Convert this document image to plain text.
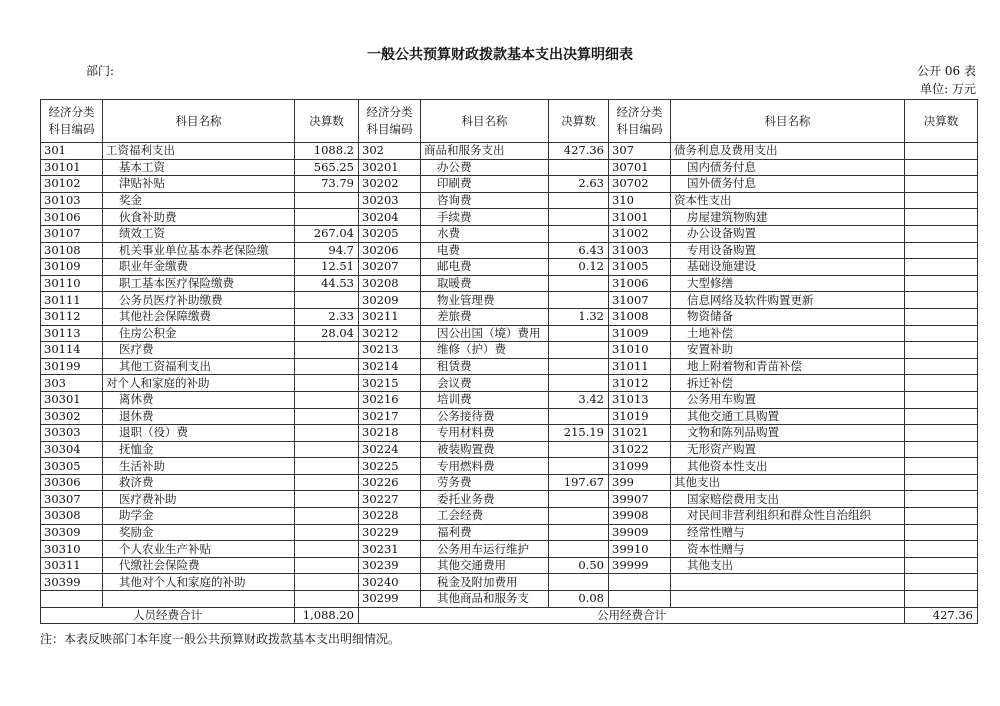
一般公共预算财政拨款基本支出决算明细表
部门:	公开 06 表
单位: 万元
经济分类科目编码	科目名称	决算数	经济分类科目编码	科目名称	决算数	经济分类科目编码	科目名称	决算数
301	工资福利支出	1088.2	302	商品和服务支出	427.36	307	债务利息及费用支出	
30101	基本工资	565.25	30201	办公费		30701	国内债务付息	
30102	津贴补贴	73.79	30202	印刷费	2.63	30702	国外债务付息	
30103	奖金		30203	咨询费		310	资本性支出	
30106	伙食补助费		30204	手续费		31001	房屋建筑物购建	
30107	绩效工资	267.04	30205	水费		31002	办公设备购置	
30108	机关事业单位基本养老保险缴	94.7	30206	电费	6.43	31003	专用设备购置	
30109	职业年金缴费	12.51	30207	邮电费	0.12	31005	基础设施建设	
30110	职工基本医疗保险缴费	44.53	30208	取暖费		31006	大型修缮	
30111	公务员医疗补助缴费		30209	物业管理费		31007	信息网络及软件购置更新	
30112	其他社会保障缴费	2.33	30211	差旅费	1.32	31008	物资储备	
30113	住房公积金	28.04	30212	因公出国（境）费用		31009	土地补偿	
30114	医疗费		30213	维修（护）费		31010	安置补助	
30199	其他工资福利支出		30214	租赁费		31011	地上附着物和青苗补偿	
303	对个人和家庭的补助		30215	会议费		31012	拆迁补偿	
30301	离休费		30216	培训费	3.42	31013	公务用车购置	
30302	退休费		30217	公务接待费		31019	其他交通工具购置	
30303	退职（役）费		30218	专用材料费	215.19	31021	文物和陈列品购置	
30304	抚恤金		30224	被装购置费		31022	无形资产购置	
30305	生活补助		30225	专用燃料费		31099	其他资本性支出	
30306	救济费		30226	劳务费	197.67	399	其他支出	
30307	医疗费补助		30227	委托业务费		39907	国家赔偿费用支出	
30308	助学金		30228	工会经费		39908	对民间非营利组织和群众性自治组织	
30309	奖励金		30229	福利费		39909	经常性赠与	
30310	个人农业生产补贴		30231	公务用车运行维护		39910	资本性赠与	
30311	代缴社会保险费		30239	其他交通费用	0.50	39999	其他支出	
30399	其他对个人和家庭的补助		30240	税金及附加费用				
			30299	其他商品和服务支	0.08			
人员经费合计		1,088.20	公用经费合计					427.36
注：本表反映部门本年度一般公共预算财政拨款基本支出明细情况。
